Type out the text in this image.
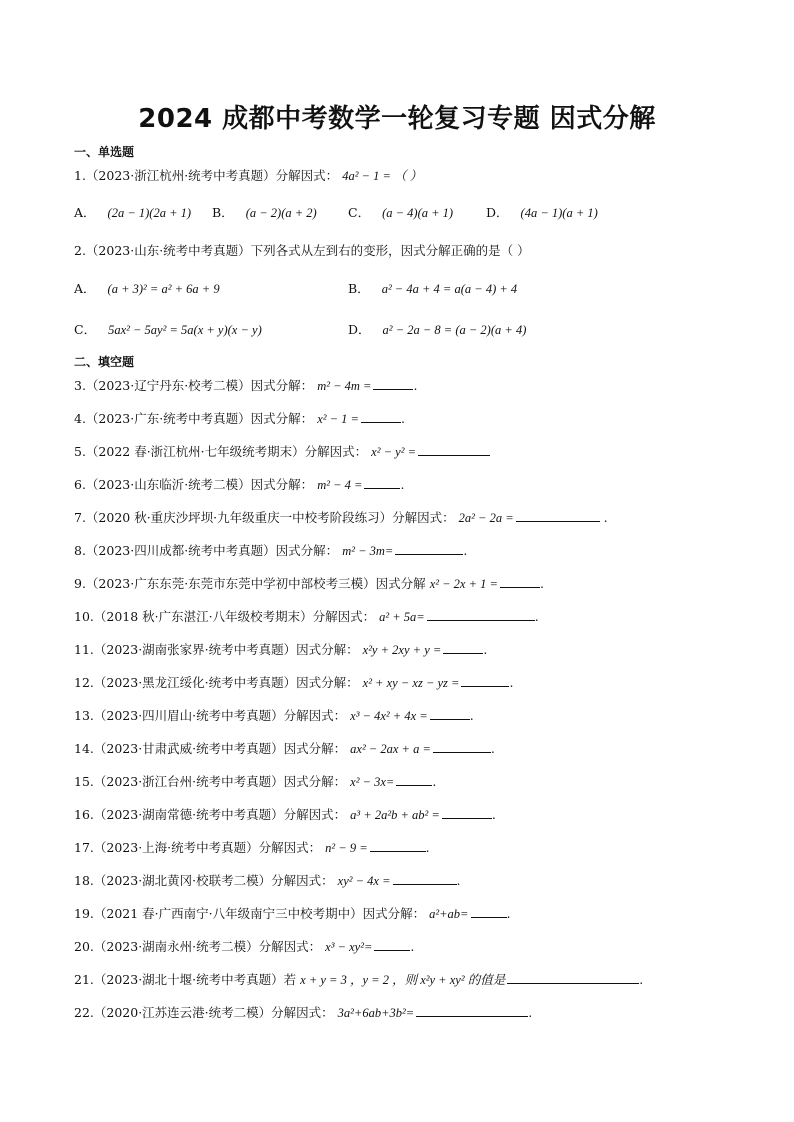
2024 成都中考数学一轮复习专题 因式分解
一、单选题
1.（2023·浙江杭州·统考中考真题）分解因式： 4a² − 1 = （ ）
A． (2a − 1)(2a + 1) B． (a − 2)(a + 2)	C． (a − 4)(a + 1)	D． (4a − 1)(a + 1)
2.（2023·山东·统考中考真题）下列各式从左到右的变形，因式分解正确的是（ ）
A． (a + 3)² = a² + 6a + 9	B． a² − 4a + 4 = a(a − 4) + 4
C． 5ax² − 5ay² = 5a(x + y)(x − y)	D． a² − 2a − 8 = (a − 2)(a + 4)
二、填空题
3.（2023·辽宁丹东·校考二模）因式分解： m² − 4m =	.
4.（2023·广东·统考中考真题）因式分解： x² − 1 =	.
5.（2022 春·浙江杭州·七年级统考期末）分解因式： x² − y² =
6.（2023·山东临沂·统考二模）因式分解： m² − 4 =	.
7.（2020 秋·重庆沙坪坝·九年级重庆一中校考阶段练习）分解因式： 2a² − 2a =	.
8.（2023·四川成都·统考中考真题）因式分解： m² − 3m=	.
9.（2023·广东东莞·东莞市东莞中学初中部校考三模）因式分解 x² − 2x + 1 =	.
10.（2018 秋·广东湛江·八年级校考期末）分解因式： a² + 5a=	.
11.（2023·湖南张家界·统考中考真题）因式分解： x²y + 2xy + y =	.
12.（2023·黑龙江绥化·统考中考真题）因式分解： x² + xy − xz − yz =	.
13.（2023·四川眉山·统考中考真题）分解因式： x³ − 4x² + 4x =	.
14.（2023·甘肃武威·统考中考真题）因式分解： ax² − 2ax + a =	.
15.（2023·浙江台州·统考中考真题）因式分解： x² − 3x=	.
16.（2023·湖南常德·统考中考真题）分解因式： a³ + 2a²b + ab² =	.
17.（2023·上海·统考中考真题）分解因式： n² − 9 =	.
18.（2023·湖北黄冈·校联考二模）分解因式： xy² − 4x =	.
19.（2021 春·广西南宁·八年级南宁三中校考期中）因式分解： a²+ab=	.
20.（2023·湖南永州·统考二模）分解因式： x³ − xy²=	.
21.（2023·湖北十堰·统考中考真题）若 x + y = 3 ，y = 2 ，则 x²y + xy² 的值是	.
22.（2020·江苏连云港·统考二模）分解因式： 3a²+6ab+3b²=	.
